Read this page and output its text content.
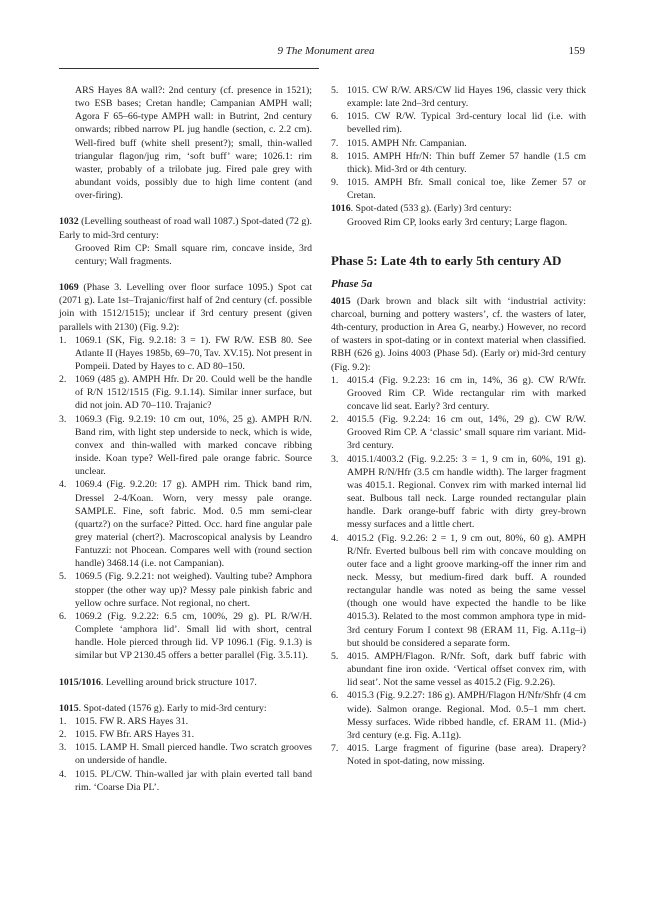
9 The Monument area	159

ARS Hayes 8A wall?: 2nd century (cf. presence in 1521); two ESB bases; Cretan handle; Campanian AMPH wall; Agora F 65–66-type AMPH wall: in Butrint, 2nd century onwards; ribbed narrow PL jug handle (section, c. 2.2 cm). Well-fired buff (white shell present?); small, thin-walled triangular flagon/jug rim, ‘soft buff’ ware; 1026.1: rim waster, probably of a trilobate jug. Fired pale grey with abundant voids, possibly due to high lime content (and over-firing).

1032 (Levelling southeast of road wall 1087.) Spot-dated (72 g). Early to mid-3rd century:

Grooved Rim CP: Small square rim, concave inside, 3rd century; Wall fragments.

1069 (Phase 3. Levelling over floor surface 1095.) Spot cat (2071 g). Late 1st–Trajanic/first half of 2nd century (cf. possible join with 1512/1515); unclear if 3rd century present (given parallels with 2130) (Fig. 9.2):

1. 1069.1 (SK, Fig. 9.2.18: 3 = 1). FW R/W. ESB 80. See Atlante II (Hayes 1985b, 69–70, Tav. XV.15). Not present in Pompeii. Dated by Hayes to c. AD 80–150.
2. 1069 (485 g). AMPH Hfr. Dr 20. Could well be the handle of R/N 1512/1515 (Fig. 9.1.14). Similar inner surface, but did not join. AD 70–110. Trajanic?
3. 1069.3 (Fig. 9.2.19: 10 cm out, 10%, 25 g). AMPH R/N. Band rim, with light step underside to neck, which is wide, convex and thin-walled with marked concave ribbing inside. Koan type? Well-fired pale orange fabric. Source unclear.
4. 1069.4 (Fig. 9.2.20: 17 g). AMPH rim. Thick band rim, Dressel 2-4/Koan. Worn, very messy pale orange. SAMPLE. Fine, soft fabric. Mod. 0.5 mm semi-clear (quartz?) on the surface? Pitted. Occ. hard fine angular pale grey material (chert?). Macroscopical analysis by Leandro Fantuzzi: not Phocean. Compares well with (round section handle) 3468.14 (i.e. not Campanian).
5. 1069.5 (Fig. 9.2.21: not weighed). Vaulting tube? Amphora stopper (the other way up)? Messy pale pinkish fabric and yellow ochre surface. Not regional, no chert.
6. 1069.2 (Fig. 9.2.22: 6.5 cm, 100%, 29 g). PL R/W/H. Complete ‘amphora lid’. Small lid with short, central handle. Hole pierced through lid. VP 1096.1 (Fig. 9.1.3) is similar but VP 2130.45 offers a better parallel (Fig. 3.5.11).

1015/1016. Levelling around brick structure 1017.

1015. Spot-dated (1576 g). Early to mid-3rd century:

1. 1015. FW R. ARS Hayes 31.
2. 1015. FW Bfr. ARS Hayes 31.
3. 1015. LAMP H. Small pierced handle. Two scratch grooves on underside of handle.
4. 1015. PL/CW. Thin-walled jar with plain everted tall band rim. ‘Coarse Dia PL’.
5. 1015. CW R/W. ARS/CW lid Hayes 196, classic very thick example: late 2nd–3rd century.
6. 1015. CW R/W. Typical 3rd-century local lid (i.e. with bevelled rim).
7. 1015. AMPH Nfr. Campanian.
8. 1015. AMPH Hfr/N: Thin buff Zemer 57 handle (1.5 cm thick). Mid-3rd or 4th century.
9. 1015. AMPH Bfr. Small conical toe, like Zemer 57 or Cretan.

1016. Spot-dated (533 g). (Early) 3rd century:

Grooved Rim CP, looks early 3rd century; Large flagon.

Phase 5: Late 4th to early 5th century AD
Phase 5a

4015 (Dark brown and black silt with ‘industrial activity: charcoal, burning and pottery wasters’, cf. the wasters of later, 4th-century, production in Area G, nearby.) However, no record of wasters in spot-dating or in context material when classified. RBH (626 g). Joins 4003 (Phase 5d). (Early or) mid-3rd century (Fig. 9.2):

1. 4015.4 (Fig. 9.2.23: 16 cm in, 14%, 36 g). CW R/Wfr. Grooved Rim CP. Wide rectangular rim with marked concave lid seat. Early? 3rd century.
2. 4015.5 (Fig. 9.2.24: 16 cm out, 14%, 29 g). CW R/W. Grooved Rim CP. A ‘classic’ small square rim variant. Mid-3rd century.
3. 4015.1/4003.2 (Fig. 9.2.25: 3 = 1, 9 cm in, 60%, 191 g). AMPH R/N/Hfr (3.5 cm handle width). The larger fragment was 4015.1. Regional. Convex rim with marked internal lid seat. Bulbous tall neck. Large rounded rectangular plain handle. Dark orange-buff fabric with dirty grey-brown messy surfaces and a little chert.
4. 4015.2 (Fig. 9.2.26: 2 = 1, 9 cm out, 80%, 60 g). AMPH R/Nfr. Everted bulbous bell rim with concave moulding on outer face and a light groove marking-off the inner rim and neck. Messy, but medium-fired dark buff. A rounded rectangular handle was noted as being the same vessel (though one would have expected the handle to be like 4015.3). Related to the most common amphora type in mid-3rd century Forum I context 98 (ERAM 11, Fig. A.11g–i) but should be considered a separate form.
5. 4015. AMPH/Flagon. R/Nfr. Soft, dark buff fabric with abundant fine iron oxide. ‘Vertical offset convex rim, with lid seat’. Not the same vessel as 4015.2 (Fig. 9.2.26).
6. 4015.3 (Fig. 9.2.27: 186 g). AMPH/Flagon H/Nfr/Shfr (4 cm wide). Salmon orange. Regional. Mod. 0.5–1 mm chert. Messy surfaces. Wide ribbed handle, cf. ERAM 11. (Mid-) 3rd century (e.g. Fig. A.11g).
7. 4015. Large fragment of figurine (base area). Drapery? Noted in spot-dating, now missing.
